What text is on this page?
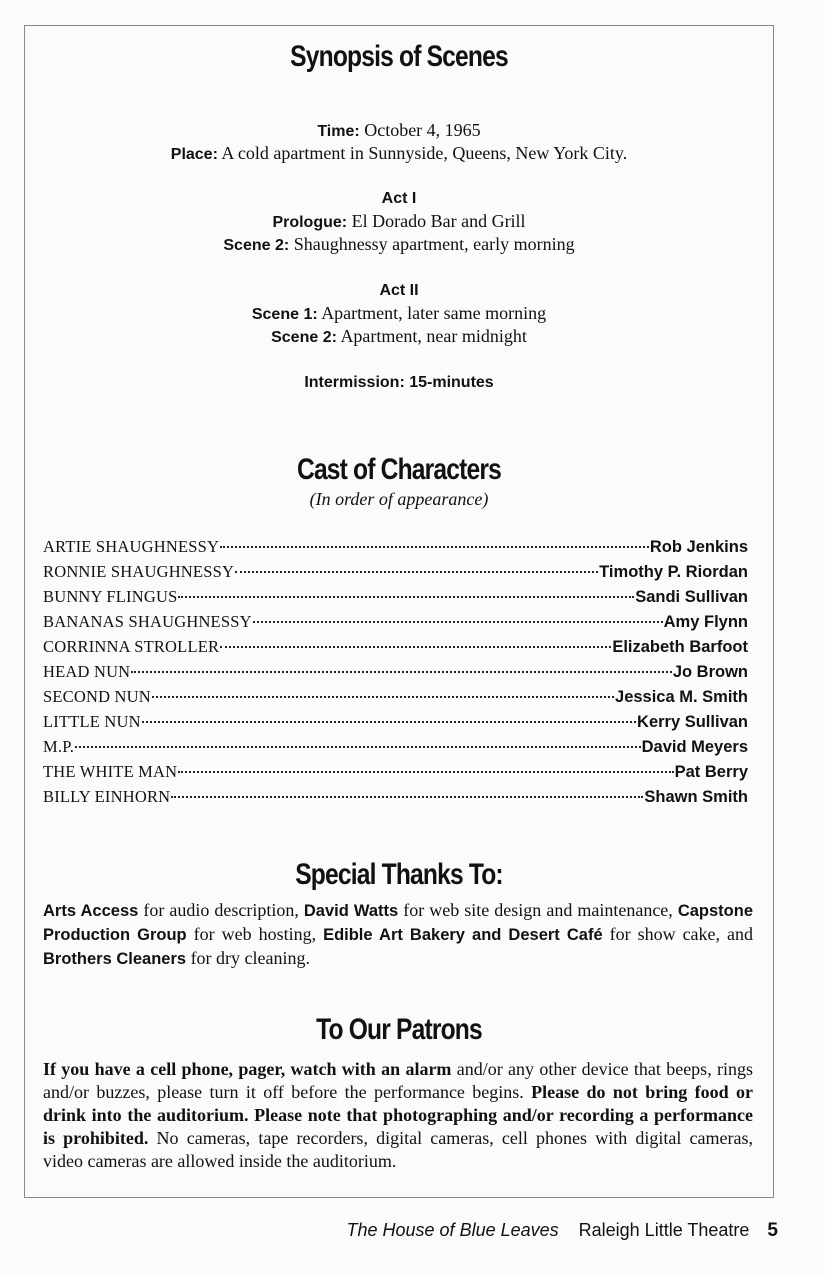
Synopsis of Scenes
Time: October 4, 1965
Place: A cold apartment in Sunnyside, Queens, New York City.
Act I
Prologue: El Dorado Bar and Grill
Scene 2: Shaughnessy apartment, early morning
Act II
Scene 1: Apartment, later same morning
Scene 2: Apartment, near midnight
Intermission: 15-minutes
Cast of Characters
(In order of appearance)
ARTIE SHAUGHNESSY	Rob Jenkins
RONNIE SHAUGHNESSY	Timothy P. Riordan
BUNNY FLINGUS	Sandi Sullivan
BANANAS SHAUGHNESSY	Amy Flynn
CORRINNA STROLLER	Elizabeth Barfoot
HEAD NUN	Jo Brown
SECOND NUN	Jessica M. Smith
LITTLE NUN	Kerry Sullivan
M.P.	David Meyers
THE WHITE MAN	Pat Berry
BILLY EINHORN	Shawn Smith
Special Thanks To:
Arts Access for audio description, David Watts for web site design and maintenance, Capstone Production Group for web hosting, Edible Art Bakery and Desert Café for show cake, and Brothers Cleaners for dry cleaning.
To Our Patrons
If you have a cell phone, pager, watch with an alarm and/or any other device that beeps, rings and/or buzzes, please turn it off before the performance begins. Please do not bring food or drink into the auditorium. Please note that photographing and/or recording a performance is prohibited. No cameras, tape recorders, digital cameras, cell phones with digital cameras, video cameras are allowed inside the auditorium.
The House of Blue Leaves Raleigh Little Theatre 5
